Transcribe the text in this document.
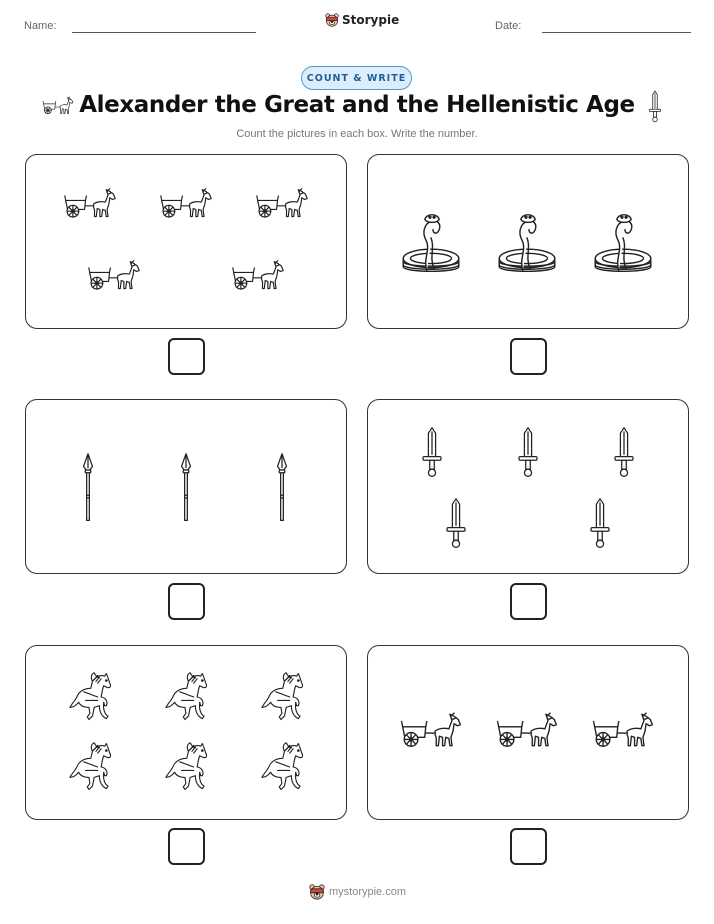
Name:	Storypie	Date:
COUNT & WRITE
Alexander the Great and the Hellenistic Age
Count the pictures in each box. Write the number.
mystorypie.com
